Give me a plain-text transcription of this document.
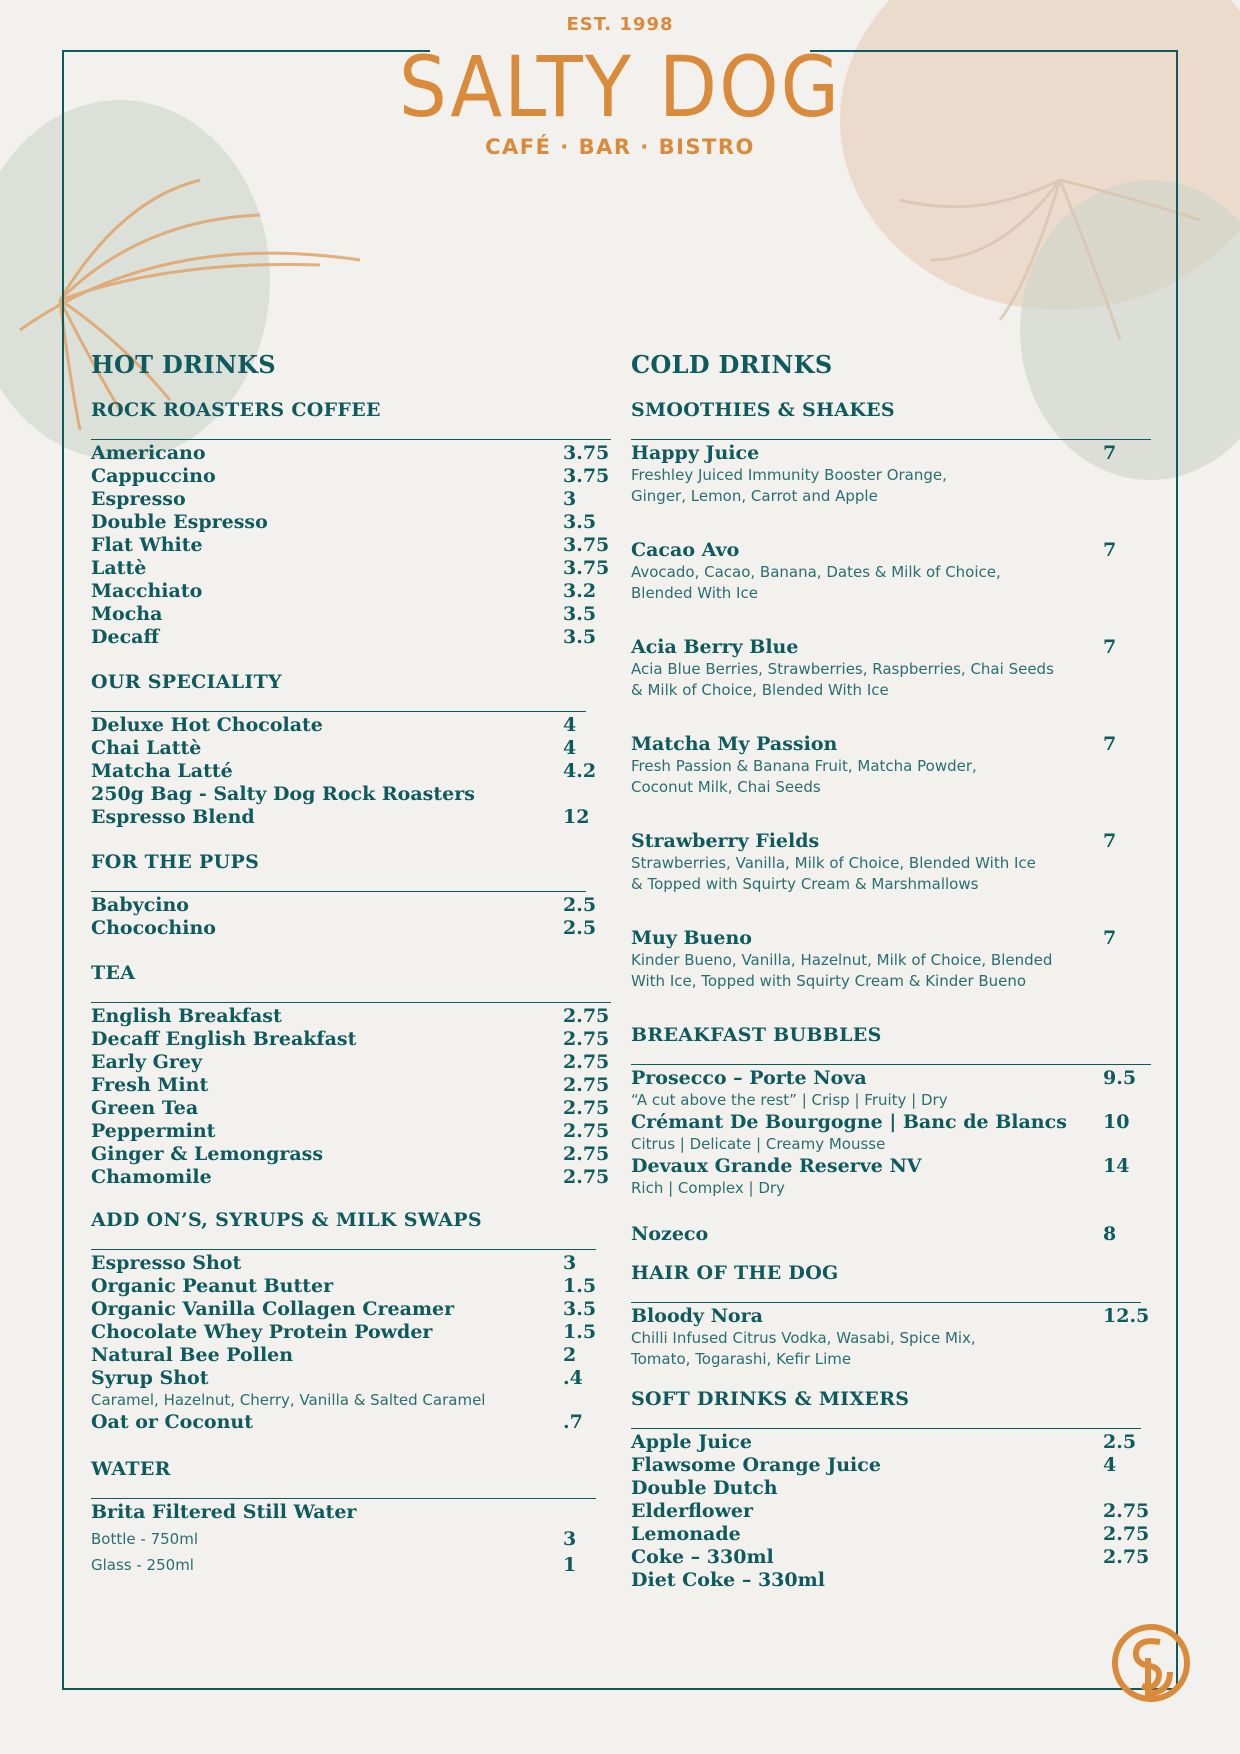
EST. 1998
SALTY DOG
CAFÉ · BAR · BISTRO
HOT DRINKS
ROCK ROASTERS COFFEE
Americano	3.75
Cappuccino	3.75
Espresso	3
Double Espresso	3.5
Flat White	3.75
Lattè	3.75
Macchiato	3.2
Mocha	3.5
Decaff	3.5
OUR SPECIALITY
Deluxe Hot Chocolate	4
Chai Lattè	4
Matcha Latté	4.2
250g Bag - Salty Dog Rock Roasters
Espresso Blend	12
FOR THE PUPS
Babycino	2.5
Chocochino	2.5
TEA
English Breakfast	2.75
Decaff English Breakfast	2.75
Early Grey	2.75
Fresh Mint	2.75
Green Tea	2.75
Peppermint	2.75
Ginger & Lemongrass	2.75
Chamomile	2.75
ADD ON’S, SYRUPS & MILK SWAPS
Espresso Shot	3
Organic Peanut Butter	1.5
Organic Vanilla Collagen Creamer	3.5
Chocolate Whey Protein Powder	1.5
Natural Bee Pollen	2
Syrup Shot	.4
Caramel, Hazelnut, Cherry, Vanilla & Salted Caramel
Oat or Coconut	.7
WATER
Brita Filtered Still Water
Bottle - 750ml	3
Glass - 250ml	1
COLD DRINKS
SMOOTHIES & SHAKES
Happy Juice	7
Freshley Juiced Immunity Booster Orange,
Ginger, Lemon, Carrot and Apple
Cacao Avo	7
Avocado, Cacao, Banana, Dates & Milk of Choice,
Blended With Ice
Acia Berry Blue	7
Acia Blue Berries, Strawberries, Raspberries, Chai Seeds
& Milk of Choice, Blended With Ice
Matcha My Passion	7
Fresh Passion & Banana Fruit, Matcha Powder,
Coconut Milk, Chai Seeds
Strawberry Fields	7
Strawberries, Vanilla, Milk of Choice, Blended With Ice
& Topped with Squirty Cream & Marshmallows
Muy Bueno	7
Kinder Bueno, Vanilla, Hazelnut, Milk of Choice, Blended
With Ice, Topped with Squirty Cream & Kinder Bueno
BREAKFAST BUBBLES
Prosecco – Porte Nova	9.5
“A cut above the rest” | Crisp | Fruity | Dry
Crémant De Bourgogne | Banc de Blancs 10
Citrus | Delicate | Creamy Mousse
Devaux Grande Reserve NV	14
Rich | Complex | Dry
Nozeco	8
HAIR OF THE DOG
Bloody Nora	12.5
Chilli Infused Citrus Vodka, Wasabi, Spice Mix,
Tomato, Togarashi, Kefir Lime
SOFT DRINKS & MIXERS
Apple Juice	2.5
Flawsome Orange Juice	4
Double Dutch
Elderflower	2.75
Lemonade	2.75
Coke – 330ml	2.75
Diet Coke – 330ml
